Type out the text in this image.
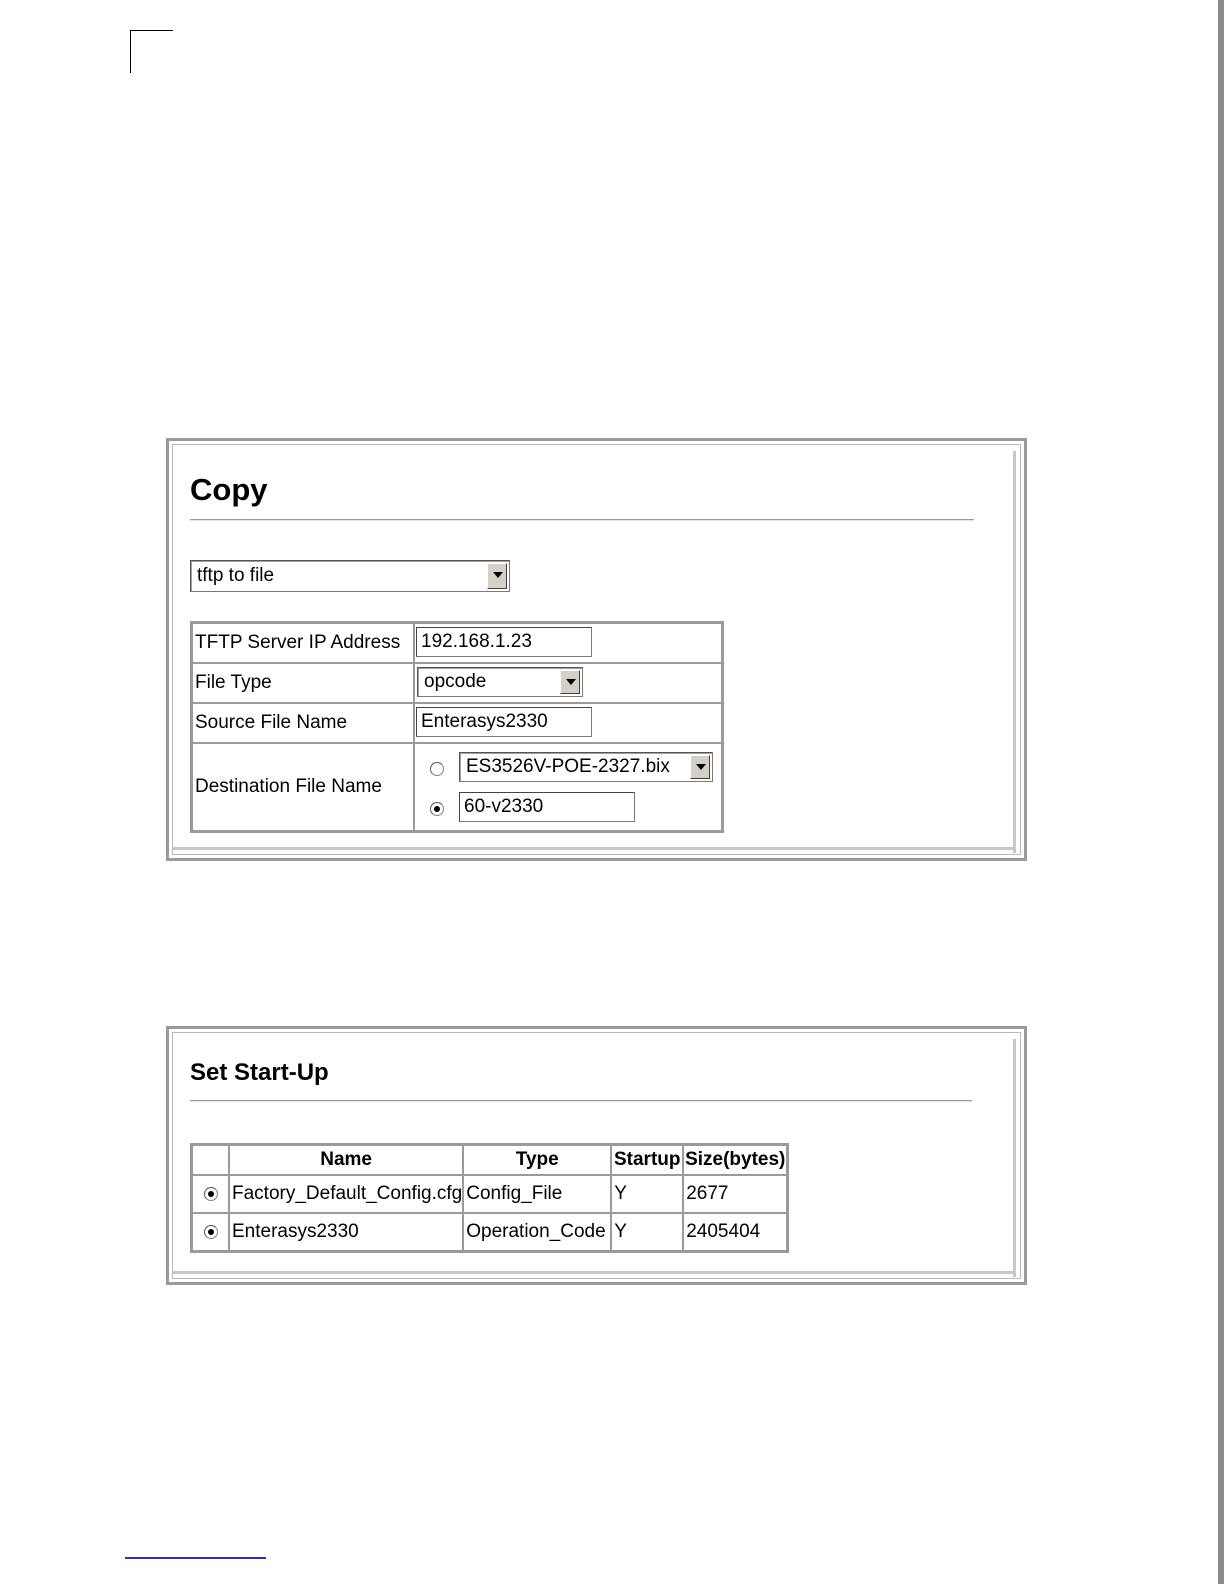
Copy
tftp to file
TFTP Server IP Address	192.168.1.23

File Type	opcode

Source File Name	Enterasys2330

Destination File Name	ES3526V-POE-2327.bix
60-v2330
Set Start-Up
	Name	Type	Startup	Size(bytes)

	Factory_Default_Config.cfg	Config_File	Y	2677

	Enterasys2330	Operation_Code	Y	2405404
